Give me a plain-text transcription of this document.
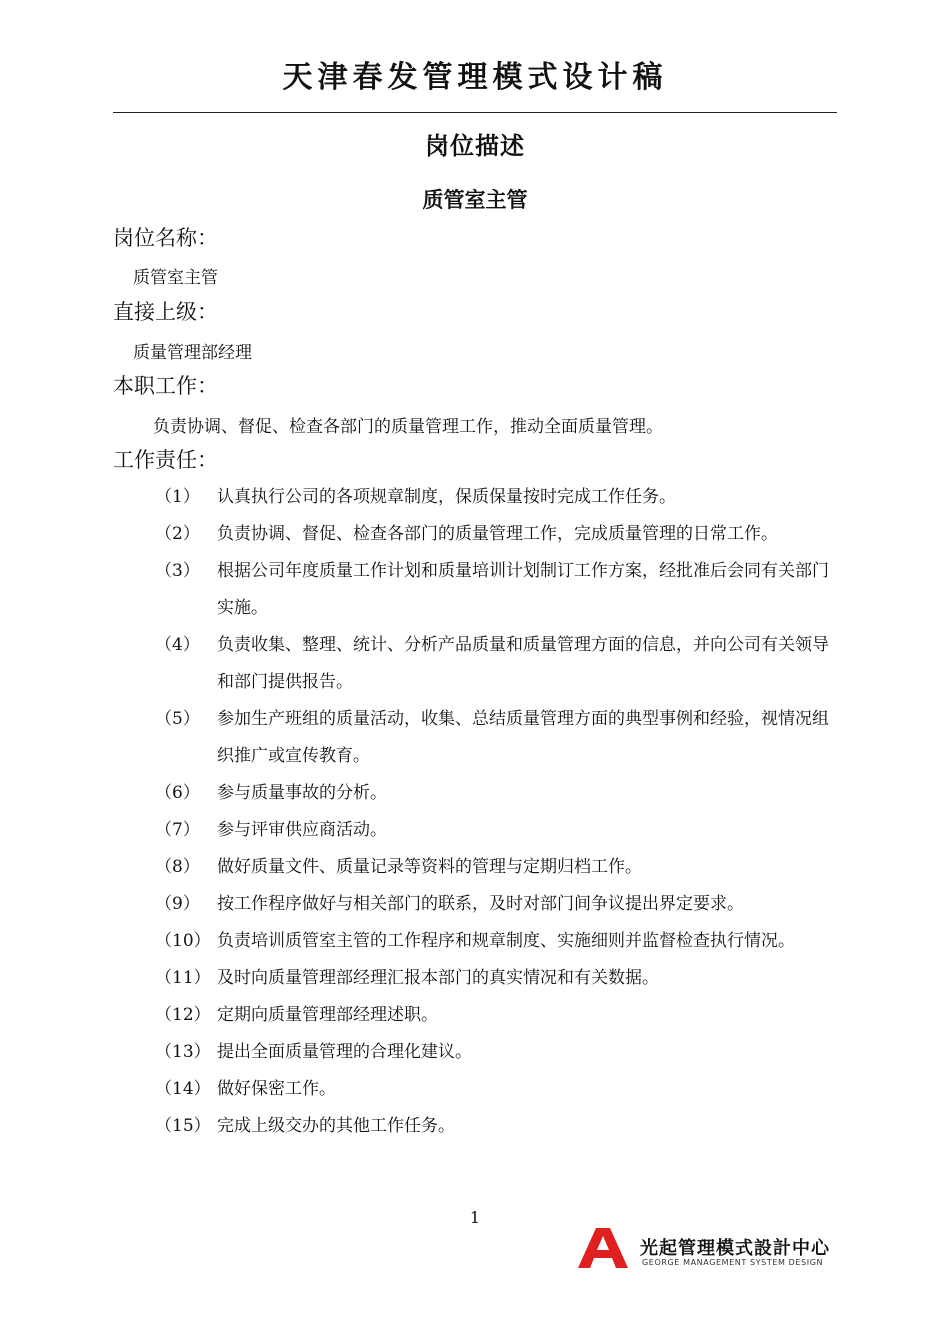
天津春发管理模式设计稿
岗位描述
质管室主管

岗位名称：

质管室主管

直接上级：

质量管理部经理

本职工作：

负责协调、督促、检查各部门的质量管理工作，推动全面质量管理。

工作责任：

（1）	认真执行公司的各项规章制度，保质保量按时完成工作任务。
（2）	负责协调、督促、检查各部门的质量管理工作，完成质量管理的日常工作。
（3）	根据公司年度质量工作计划和质量培训计划制订工作方案，经批准后会同有关部门实施。
（4）	负责收集、整理、统计、分析产品质量和质量管理方面的信息，并向公司有关领导和部门提供报告。
（5）	参加生产班组的质量活动，收集、总结质量管理方面的典型事例和经验，视情况组织推广或宣传教育。
（6）	参与质量事故的分析。
（7）	参与评审供应商活动。
（8）	做好质量文件、质量记录等资料的管理与定期归档工作。
（9）	按工作程序做好与相关部门的联系，及时对部门间争议提出界定要求。
（10） 负责培训质管室主管的工作程序和规章制度、实施细则并监督检查执行情况。
（11） 及时向质量管理部经理汇报本部门的真实情况和有关数据。
（12） 定期向质量管理部经理述职。
（13） 提出全面质量管理的合理化建议。
（14） 做好保密工作。
（15） 完成上级交办的其他工作任务。
1
光起管理模式設計中心
GEORGE MANAGEMENT SYSTEM DESIGN
